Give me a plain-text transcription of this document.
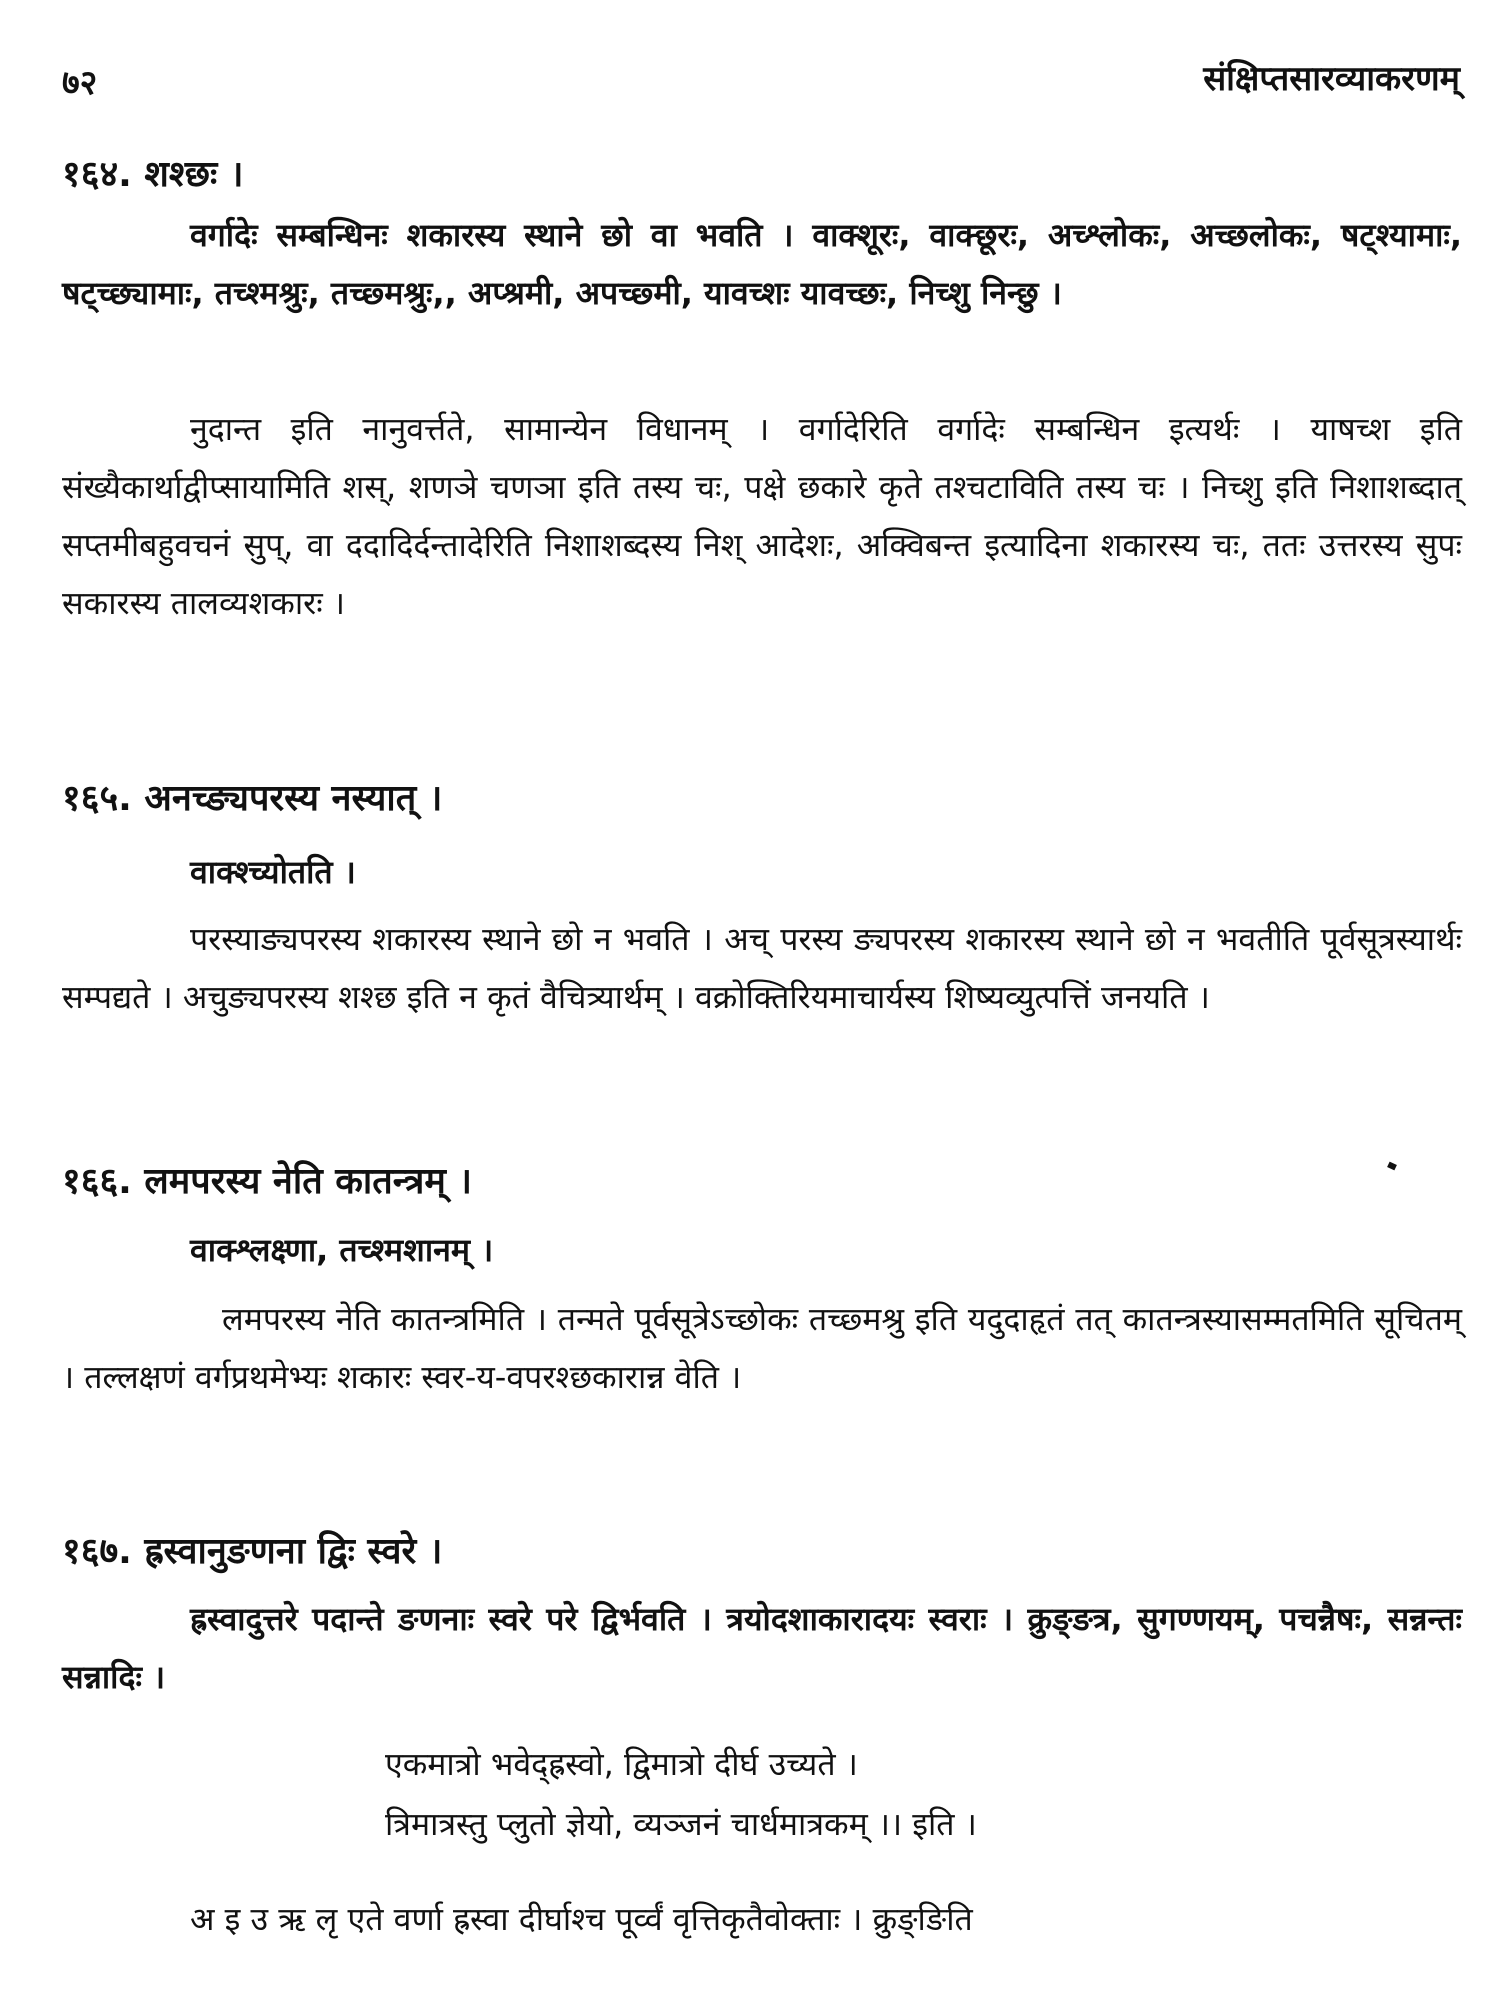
७२	संक्षिप्तसारव्याकरणम्
१६४. शश्छः ।
वर्गादेः सम्बन्धिनः शकारस्य स्थाने छो वा भवति । वाक्शूरः, वाक्छूरः, अच्श्लोकः, अच्छलोकः, षट्श्यामाः, षट्च्छ्यामाः, तच्श्मश्रुः, तच्छ्मश्रुः,, अप्श्रमी, अपच्छ्मी, यावच्शः यावच्छः, निच्शु निन्छु ।
नुदान्त इति नानुवर्त्तते, सामान्येन विधानम् । वर्गादेरिति वर्गादेः सम्बन्धिन इत्यर्थः । याषच्श इति संख्यैकार्थाद्वीप्सायामिति शस्, शणञे चणञा इति तस्य चः, पक्षे छकारे कृते तश्चटाविति तस्य चः । निच्शु इति निशाशब्दात् सप्तमीबहुवचनं सुप्, वा ददादिर्दन्तादेरिति निशाशब्दस्य निश् आदेशः, अक्विबन्त इत्यादिना शकारस्य चः, ततः उत्तरस्य सुपः सकारस्य तालव्यशकारः ।
१६५. अनच्ङ्यपरस्य नस्यात् ।
वाक्श्च्योतति ।
परस्याङ्यपरस्य शकारस्य स्थाने छो न भवति । अच् परस्य ङ्यपरस्य शकारस्य स्थाने छो न भवतीति पूर्वसूत्रस्यार्थः सम्पद्यते । अचुङ्यपरस्य शश्छ इति न कृतं वैचित्र्यार्थम् । वक्रोक्तिरियमाचार्यस्य शिष्यव्युत्पत्तिं जनयति ।
१६६. लमपरस्य नेति कातन्त्रम् ।
वाक्श्लक्ष्णा, तच्श्मशानम् ।
लमपरस्य नेति कातन्त्रमिति । तन्मते पूर्वसूत्रेऽच्छोकः तच्छ्मश्रु इति यदुदाहृतं तत् कातन्त्रस्यासम्मतमिति सूचितम् । तल्लक्षणं वर्गप्रथमेभ्यः शकारः स्वर-य-वपरश्छकारान्न वेति ।
१६७. ह्रस्वानुङणना द्विः स्वरे ।
ह्रस्वादुत्तरे पदान्ते ङणनाः स्वरे परे द्विर्भवति । त्रयोदशाकारादयः स्वराः । क्रुङ्ङत्र, सुगण्णयम्, पचन्नैषः, सन्नन्तः सन्नादिः ।
एकमात्रो भवेद्ह्रस्वो, द्विमात्रो दीर्घ उच्यते ।
त्रिमात्रस्तु प्लुतो ज्ञेयो, व्यञ्जनं चार्धमात्रकम् ।। इति ।
अ इ उ ऋ लृ एते वर्णा ह्रस्वा दीर्घाश्च पूर्व्वं वृत्तिकृतैवोक्ताः । क्रुङ्ङिति
